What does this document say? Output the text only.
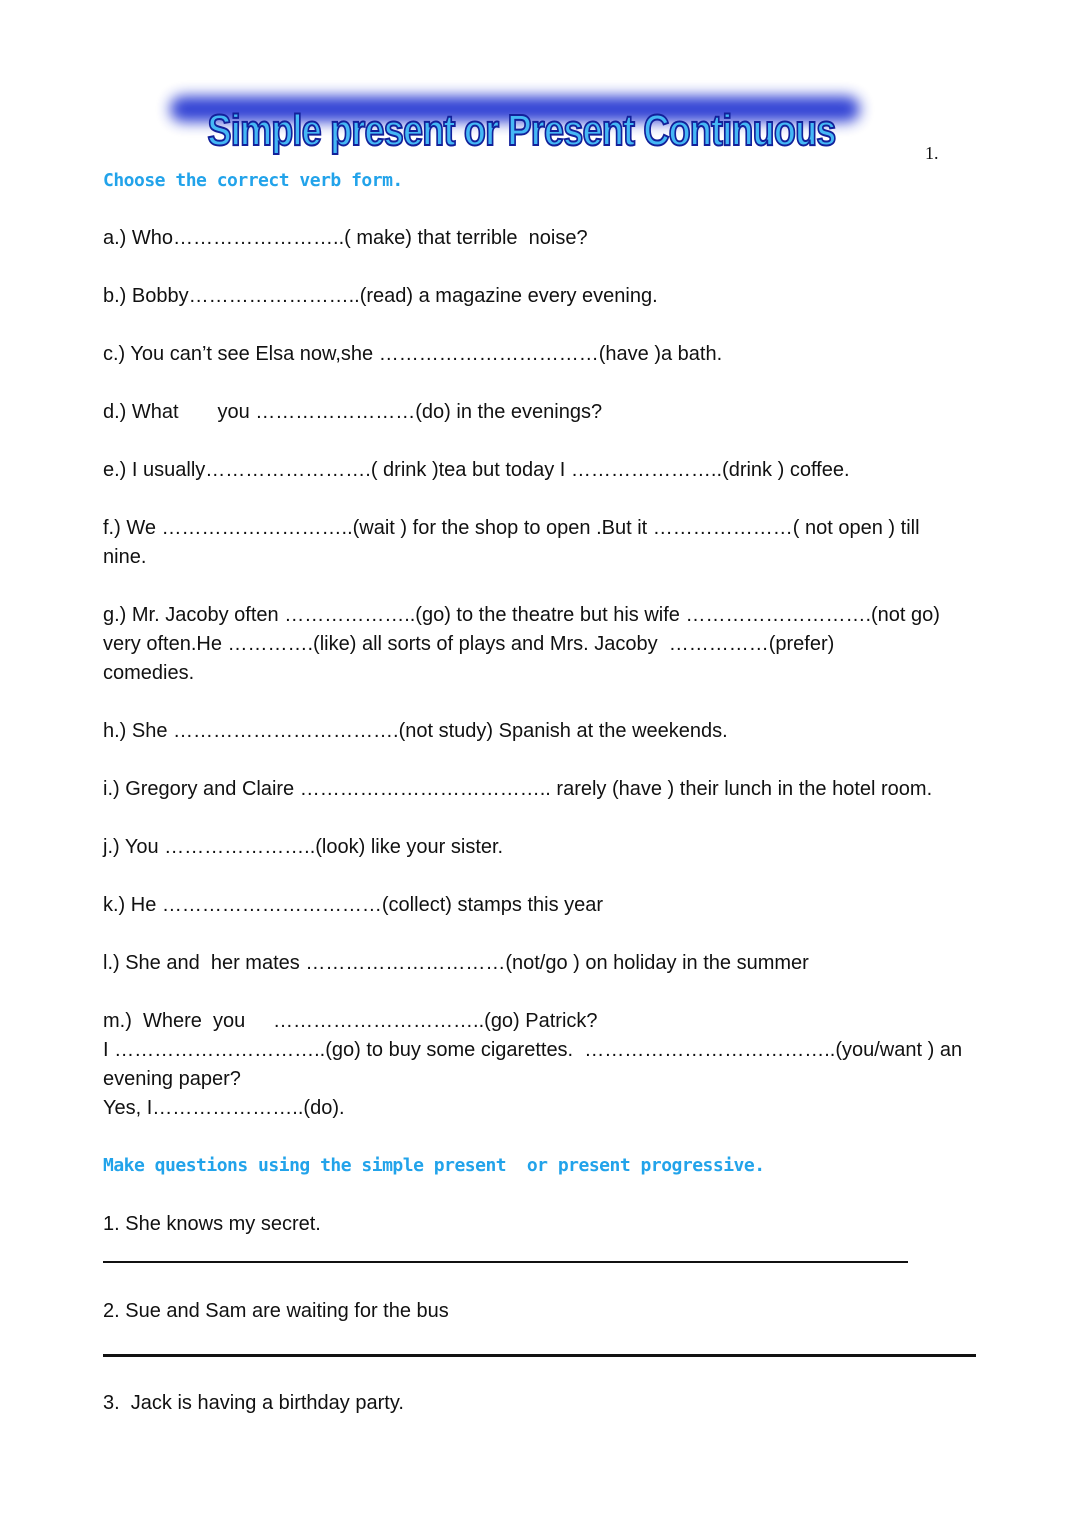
Simple present or Present Continuous	1.
Choose the correct verb form.
a.) Who……………………..( make) that terrible  noise?
b.) Bobby……………………..(read) a magazine every evening.
c.) You can’t see Elsa now,she ……………………………(have )a bath.
d.) What       you ……………………(do) in the evenings?
e.) I usually…………………….( drink )tea but today I …………………..(drink ) coffee.
f.) We ………………………..(wait ) for the shop to open .But it …………………( not open ) till
nine.
g.) Mr. Jacoby often ………………..(go) to the theatre but his wife ……………………….(not go)
very often.He ………….(like) all sorts of plays and Mrs. Jacoby  ……………(prefer)
comedies.
h.) She …………………………….(not study) Spanish at the weekends.
i.) Gregory and Claire ……………………………….. rarely (have ) their lunch in the hotel room.
j.) You …………………..(look) like your sister.
k.) He ……………………………(collect) stamps this year
l.) She and  her mates …………………………(not/go ) on holiday in the summer
m.)  Where  you     …………………………..(go) Patrick?
I …………………………..(go) to buy some cigarettes.  ………………………………..(you/want ) an
evening paper?
Yes, I…………………..(do).
Make questions using the simple present  or present progressive.
1. She knows my secret.
2. Sue and Sam are waiting for the bus
3.  Jack is having a birthday party.
